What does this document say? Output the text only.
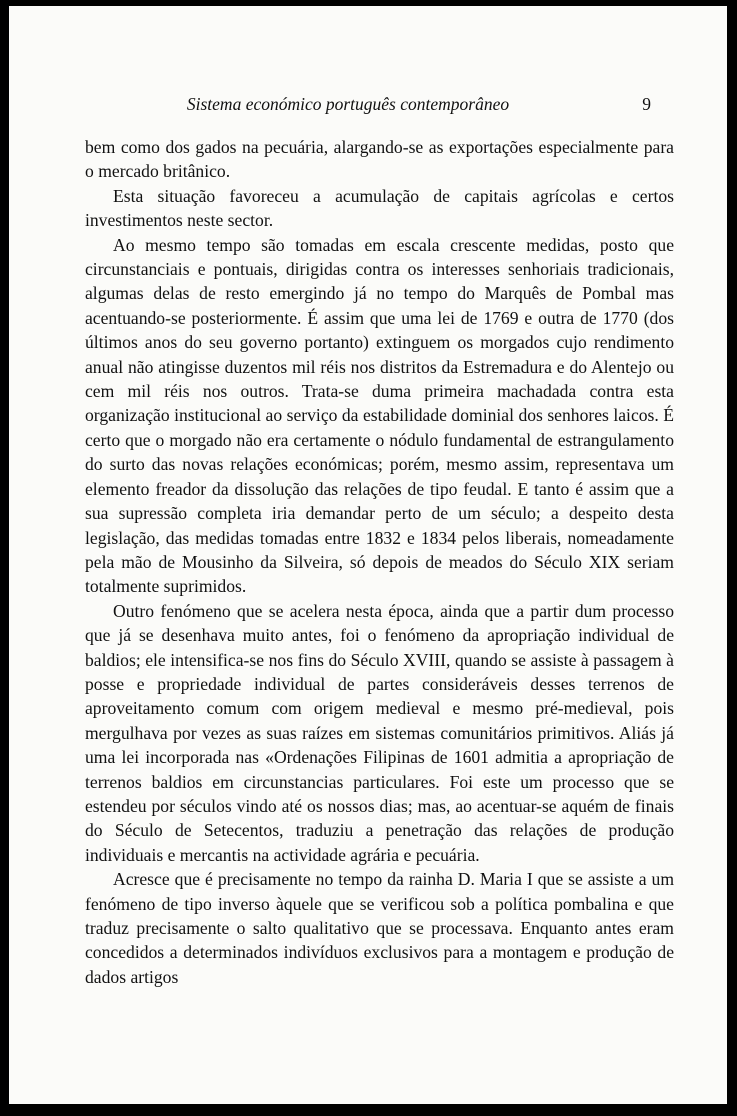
Sistema económico português contemporâneo	9

bem como dos gados na pecuária, alargando-se as exportações especialmente para o mercado britânico.

Esta situação favoreceu a acumulação de capitais agrícolas e certos investimentos neste sector.

Ao mesmo tempo são tomadas em escala crescente medidas, posto que circunstanciais e pontuais, dirigidas contra os interesses senhoriais tradicionais, algumas delas de resto emergindo já no tempo do Marquês de Pombal mas acentuando-se posteriormente. É assim que uma lei de 1769 e outra de 1770 (dos últimos anos do seu governo portanto) extinguem os morgados cujo rendimento anual não atingisse duzentos mil réis nos distritos da Estremadura e do Alentejo ou cem mil réis nos outros. Trata-se duma primeira machadada contra esta organização institucional ao serviço da estabilidade dominial dos senhores laicos. É certo que o morgado não era certamente o nódulo fundamental de estrangulamento do surto das novas relações económicas; porém, mesmo assim, representava um elemento freador da dissolução das relações de tipo feudal. E tanto é assim que a sua supressão completa iria demandar perto de um século; a despeito desta legislação, das medidas tomadas entre 1832 e 1834 pelos liberais, nomeadamente pela mão de Mousinho da Silveira, só depois de meados do Século XIX seriam totalmente suprimidos.

Outro fenómeno que se acelera nesta época, ainda que a partir dum processo que já se desenhava muito antes, foi o fenómeno da apropriação individual de baldios; ele intensifica-se nos fins do Século XVIII, quando se assiste à passagem à posse e propriedade individual de partes consideráveis desses terrenos de aproveitamento comum com origem medieval e mesmo pré-medieval, pois mergulhava por vezes as suas raízes em sistemas comunitários primitivos. Aliás já uma lei incorporada nas «Ordenações Filipinas de 1601 admitia a apropriação de terrenos baldios em circunstancias particulares. Foi este um processo que se estendeu por séculos vindo até os nossos dias; mas, ao acentuar-se aquém de finais do Século de Setecentos, traduziu a penetração das relações de produção individuais e mercantis na actividade agrária e pecuária.

Acresce que é precisamente no tempo da rainha D. Maria I que se assiste a um fenómeno de tipo inverso àquele que se verificou sob a política pombalina e que traduz precisamente o salto qualitativo que se processava. Enquanto antes eram concedidos a determinados indivíduos exclusivos para a montagem e produção de dados artigos
